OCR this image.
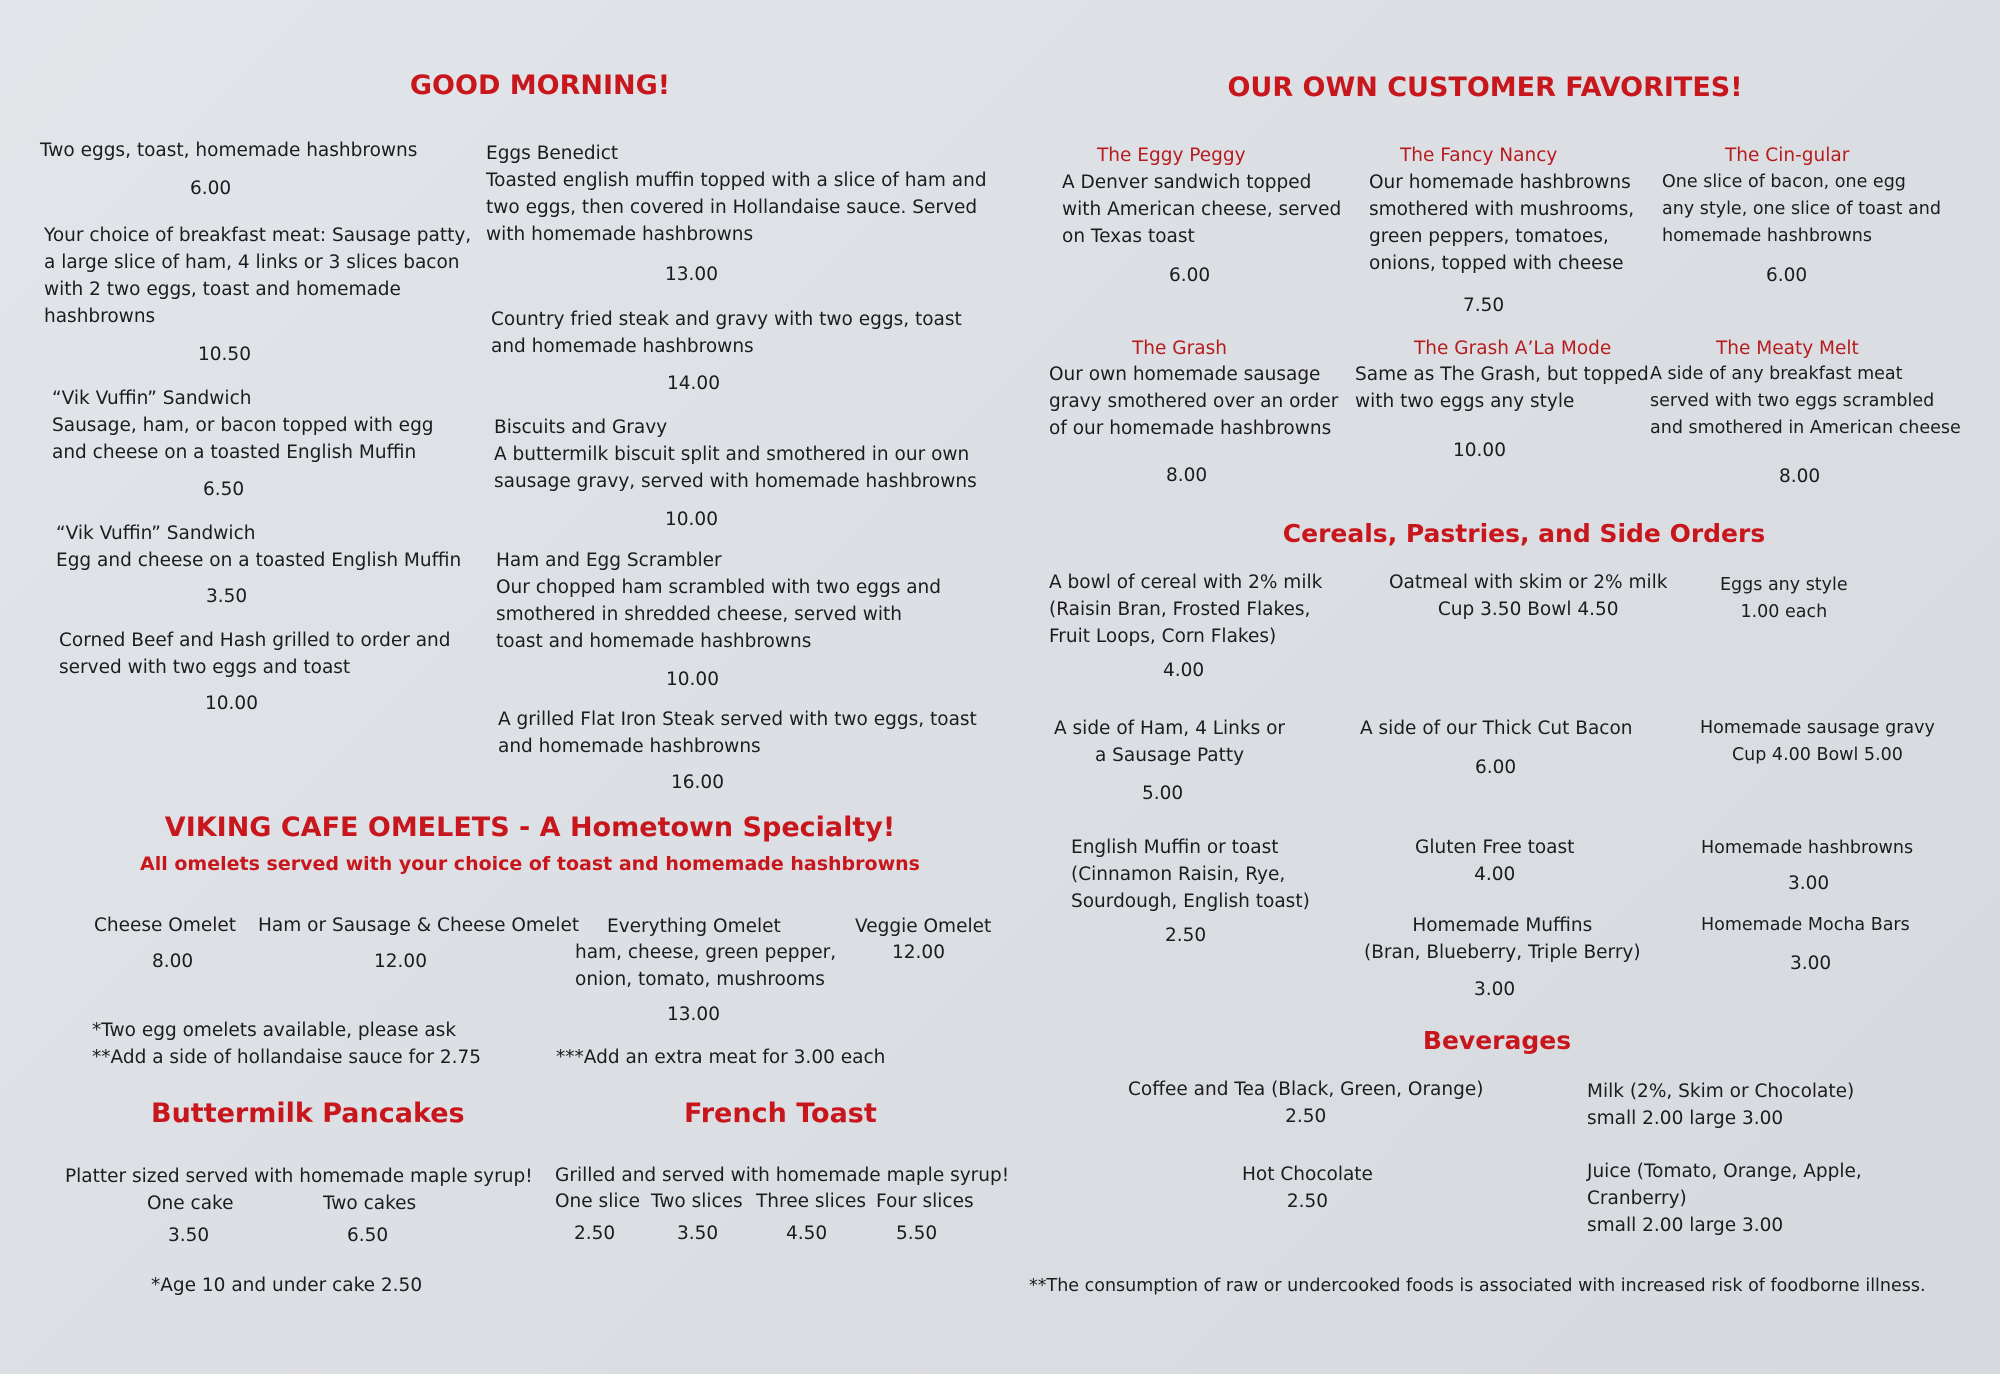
GOOD MORNING!

Two eggs, toast, homemade hashbrowns

6.00

Your choice of breakfast meat: Sausage patty,
a large slice of ham, 4 links or 3 slices bacon
with 2 two eggs, toast and homemade
hashbrowns

10.50

“Vik Vuffin” Sandwich
Sausage, ham, or bacon topped with egg
and cheese on a toasted English Muffin

6.50

“Vik Vuffin” Sandwich
Egg and cheese on a toasted English Muffin

3.50

Corned Beef and Hash grilled to order and
served with two eggs and toast

10.00

Eggs Benedict
Toasted english muffin topped with a slice of ham and
two eggs, then covered in Hollandaise sauce. Served
with homemade hashbrowns

13.00

Country fried steak and gravy with two eggs, toast
and homemade hashbrowns

14.00

Biscuits and Gravy
A buttermilk biscuit split and smothered in our own
sausage gravy, served with homemade hashbrowns

10.00

Ham and Egg Scrambler
Our chopped ham scrambled with two eggs and
smothered in shredded cheese, served with
toast and homemade hashbrowns

10.00

A grilled Flat Iron Steak served with two eggs, toast
and homemade hashbrowns

16.00

VIKING CAFE OMELETS - A Hometown Specialty!

All omelets served with your choice of toast and homemade hashbrowns

Cheese Omelet

8.00

Ham or Sausage & Cheese Omelet

12.00

Everything Omelet

ham, cheese, green pepper,
onion, tomato, mushrooms

13.00

Veggie Omelet

12.00

*Two egg omelets available, please ask
**Add a side of hollandaise sauce for 2.75	***Add an extra meat for 3.00 each

Buttermilk Pancakes

Platter sized served with homemade maple syrup!

One cake

3.50

Two cakes

6.50

*Age 10 and under cake 2.50

French Toast

Grilled and served with homemade maple syrup!

One slice

2.50

Two slices

3.50

Three slices

4.50

Four slices

5.50

OUR OWN CUSTOMER FAVORITES!

The Eggy Peggy

A Denver sandwich topped
with American cheese, served
on Texas toast

6.00

The Fancy Nancy

Our homemade hashbrowns
smothered with mushrooms,
green peppers, tomatoes,
onions, topped with cheese

7.50

The Cin-gular

One slice of bacon, one egg
any style, one slice of toast and
homemade hashbrowns

6.00

The Grash

Our own homemade sausage
gravy smothered over an order
of our homemade hashbrowns

8.00

The Grash A’La Mode

Same as The Grash, but topped
with two eggs any style

10.00

The Meaty Melt

A side of any breakfast meat
served with two eggs scrambled
and smothered in American cheese

8.00

Cereals, Pastries, and Side Orders

A bowl of cereal with 2% milk
(Raisin Bran, Frosted Flakes,
Fruit Loops, Corn Flakes)

4.00

Oatmeal with skim or 2% milk
Cup 3.50 Bowl 4.50

Eggs any style
1.00 each

A side of Ham, 4 Links or
a Sausage Patty

5.00

A side of our Thick Cut Bacon

6.00

Homemade sausage gravy
Cup 4.00 Bowl 5.00

English Muffin or toast
(Cinnamon Raisin, Rye,
Sourdough, English toast)

2.50

Gluten Free toast
4.00

Homemade hashbrowns

3.00

Homemade Muffins
(Bran, Blueberry, Triple Berry)

3.00

Homemade Mocha Bars

3.00

Beverages

Coffee and Tea (Black, Green, Orange)
2.50

Milk (2%, Skim or Chocolate)
small 2.00 large 3.00

Hot Chocolate
2.50

Juice (Tomato, Orange, Apple,
Cranberry)
small 2.00 large 3.00

**The consumption of raw or undercooked foods is associated with increased risk of foodborne illness.
